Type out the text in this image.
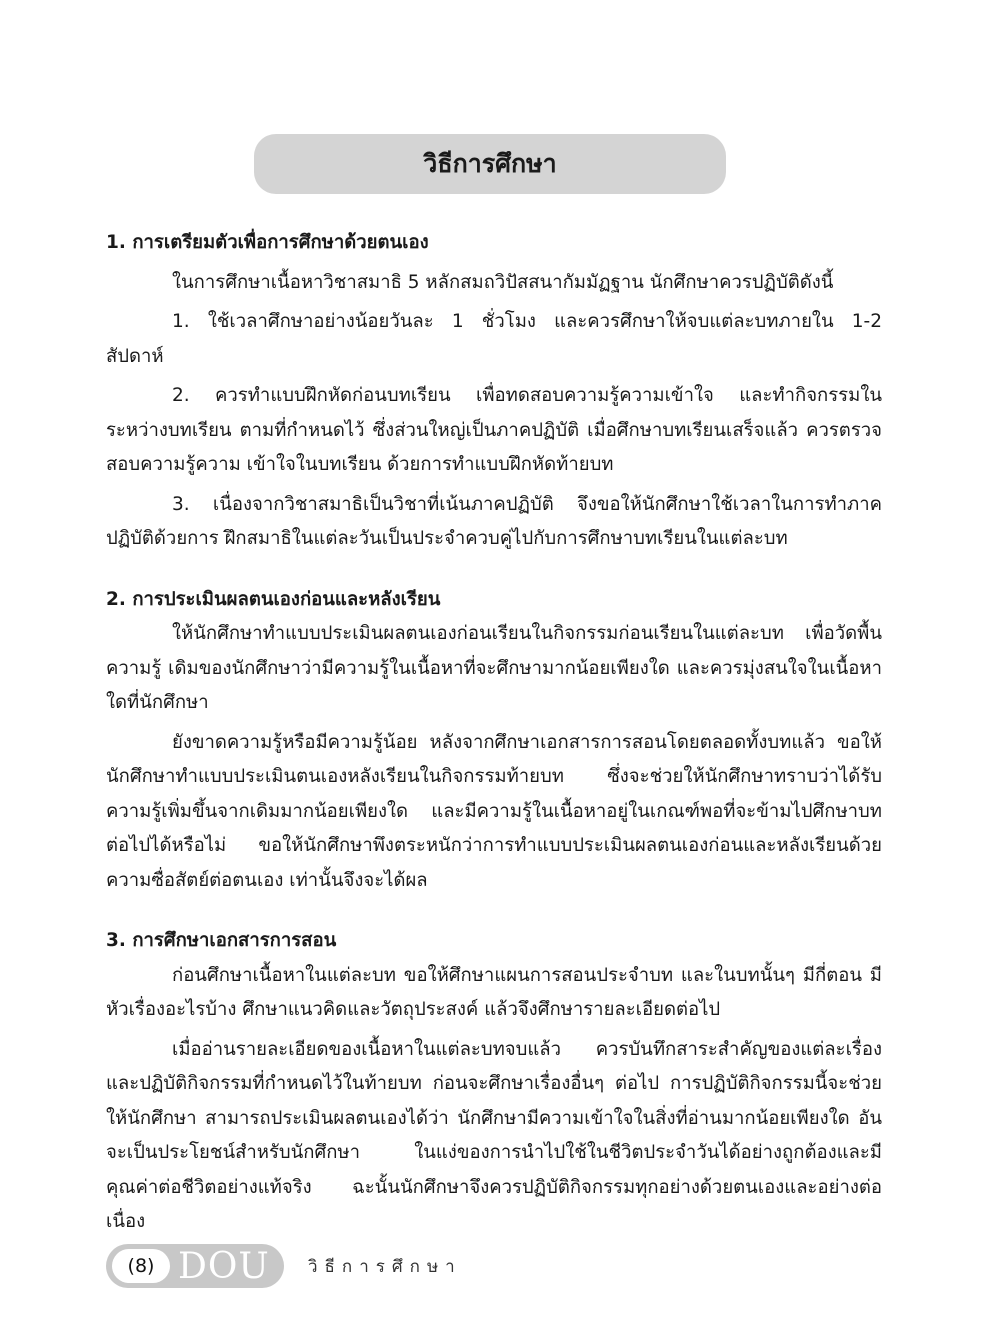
วิธีการศึกษา

1. การเตรียมตัวเพื่อการศึกษาด้วยตนเอง

ในการศึกษาเนื้อหาวิชาสมาธิ 5 หลักสมถวิปัสสนากัมมัฏฐาน นักศึกษาควรปฏิบัติดังนี้

1. ใช้เวลาศึกษาอย่างน้อยวันละ 1 ชั่วโมง และควรศึกษาให้จบแต่ละบทภายใน 1-2 สัปดาห์

2. ควรทำแบบฝึกหัดก่อนบทเรียน เพื่อทดสอบความรู้ความเข้าใจ และทำกิจกรรมในระหว่างบทเรียน ตามที่กำหนดไว้ ซึ่งส่วนใหญ่เป็นภาคปฏิบัติ เมื่อศึกษาบทเรียนเสร็จแล้ว ควรตรวจสอบความรู้ความ เข้าใจในบทเรียน ด้วยการทำแบบฝึกหัดท้ายบท

3. เนื่องจากวิชาสมาธิเป็นวิชาที่เน้นภาคปฏิบัติ จึงขอให้นักศึกษาใช้เวลาในการทำภาคปฏิบัติด้วยการ ฝึกสมาธิในแต่ละวันเป็นประจำควบคู่ไปกับการศึกษาบทเรียนในแต่ละบท

2. การประเมินผลตนเองก่อนและหลังเรียน

ให้นักศึกษาทำแบบประเมินผลตนเองก่อนเรียนในกิจกรรมก่อนเรียนในแต่ละบท เพื่อวัดพื้นความรู้ เดิมของนักศึกษาว่ามีความรู้ในเนื้อหาที่จะศึกษามากน้อยเพียงใด และควรมุ่งสนใจในเนื้อหาใดที่นักศึกษา

ยังขาดความรู้หรือมีความรู้น้อย หลังจากศึกษาเอกสารการสอนโดยตลอดทั้งบทแล้ว ขอให้นักศึกษาทำแบบประเมินตนเองหลังเรียนในกิจกรรมท้ายบท ซึ่งจะช่วยให้นักศึกษาทราบว่าได้รับความรู้เพิ่มขึ้นจากเดิมมากน้อยเพียงใด และมีความรู้ในเนื้อหาอยู่ในเกณฑ์พอที่จะข้ามไปศึกษาบทต่อไปได้หรือไม่ ขอให้นักศึกษาพึงตระหนักว่าการทำแบบประเมินผลตนเองก่อนและหลังเรียนด้วยความซื่อสัตย์ต่อตนเอง เท่านั้นจึงจะได้ผล

3. การศึกษาเอกสารการสอน

ก่อนศึกษาเนื้อหาในแต่ละบท ขอให้ศึกษาแผนการสอนประจำบท และในบทนั้นๆ มีกี่ตอน มีหัวเรื่องอะไรบ้าง ศึกษาแนวคิดและวัตถุประสงค์ แล้วจึงศึกษารายละเอียดต่อไป

เมื่ออ่านรายละเอียดของเนื้อหาในแต่ละบทจบแล้ว ควรบันทึกสาระสำคัญของแต่ละเรื่องและปฏิบัติกิจกรรมที่กำหนดไว้ในท้ายบท ก่อนจะศึกษาเรื่องอื่นๆ ต่อไป การปฏิบัติกิจกรรมนี้จะช่วยให้นักศึกษา สามารถประเมินผลตนเองได้ว่า นักศึกษามีความเข้าใจในสิ่งที่อ่านมากน้อยเพียงใด อันจะเป็นประโยชน์สำหรับนักศึกษา ในแง่ของการนำไปใช้ในชีวิตประจำวันได้อย่างถูกต้องและมีคุณค่าต่อชีวิตอย่างแท้จริง ฉะนั้นนักศึกษาจึงควรปฏิบัติกิจกรรมทุกอย่างด้วยตนเองและอย่างต่อเนื่อง

(8) DOU วิธีการศึกษา
